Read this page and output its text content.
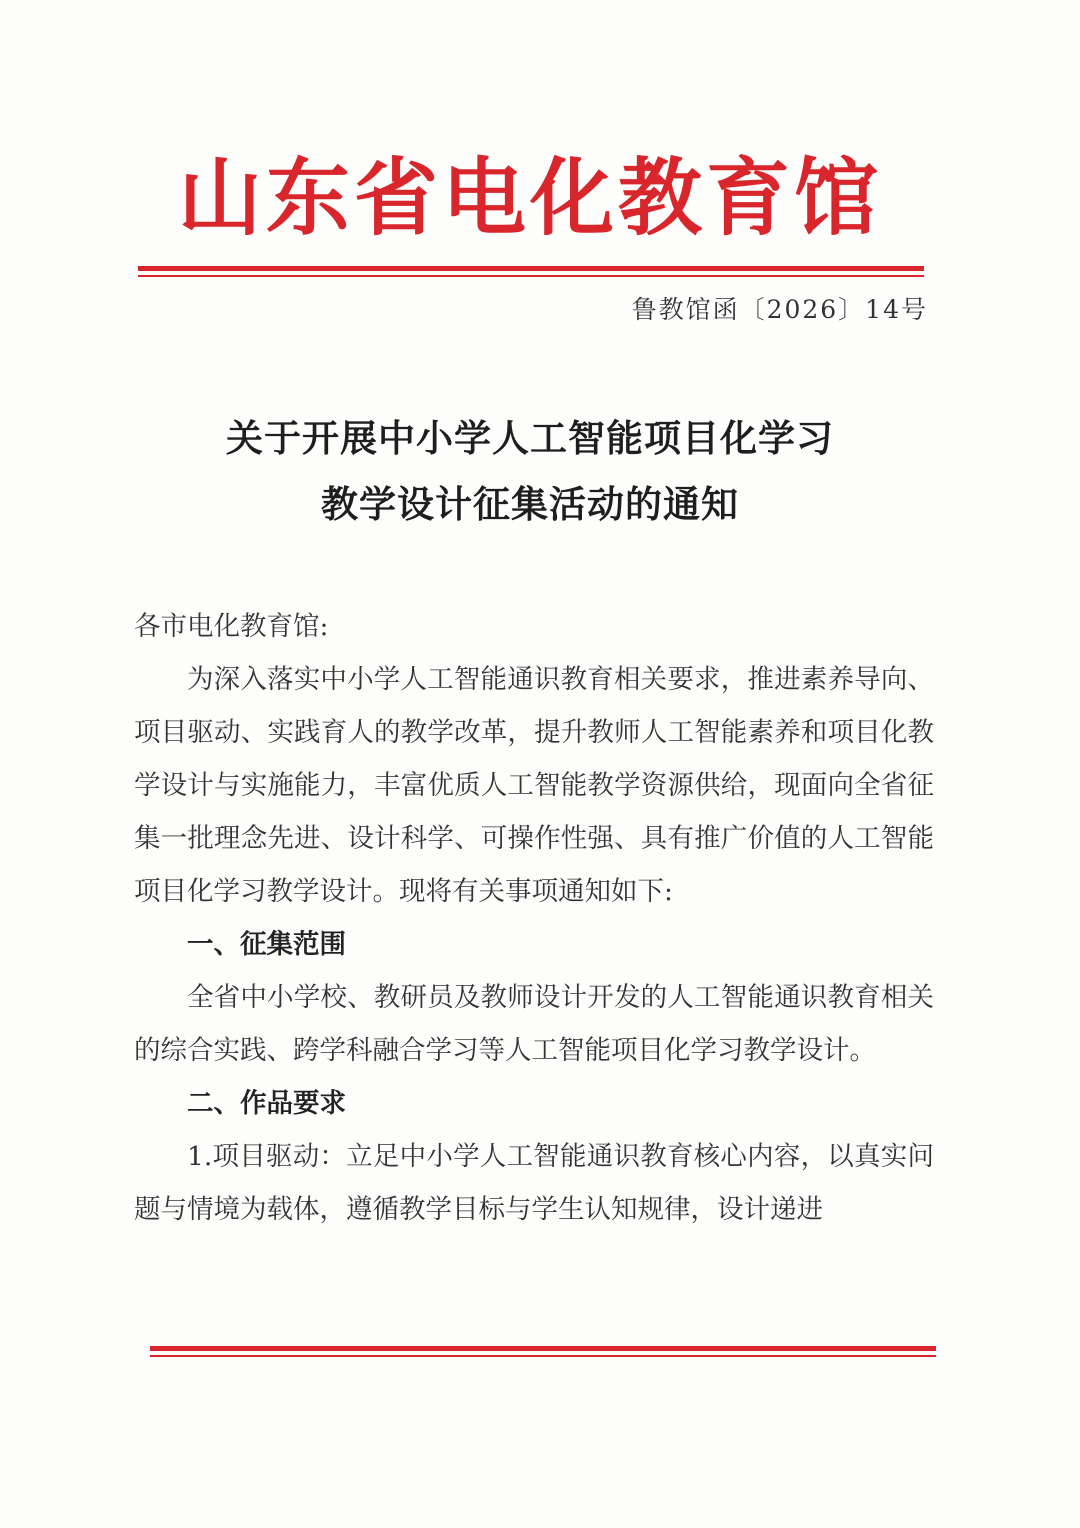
山东省电化教育馆
鲁教馆函〔2026〕14号
关于开展中小学人工智能项目化学习
教学设计征集活动的通知

各市电化教育馆:

为深入落实中小学人工智能通识教育相关要求，推进素养导向、项目驱动、实践育人的教学改革，提升教师人工智能素养和项目化教学设计与实施能力，丰富优质人工智能教学资源供给，现面向全省征集一批理念先进、设计科学、可操作性强、具有推广价值的人工智能项目化学习教学设计。现将有关事项通知如下:

一、征集范围

全省中小学校、教研员及教师设计开发的人工智能通识教育相关的综合实践、跨学科融合学习等人工智能项目化学习教学设计。

二、作品要求

1.项目驱动：立足中小学人工智能通识教育核心内容，以真实问题与情境为载体，遵循教学目标与学生认知规律，设计递进
